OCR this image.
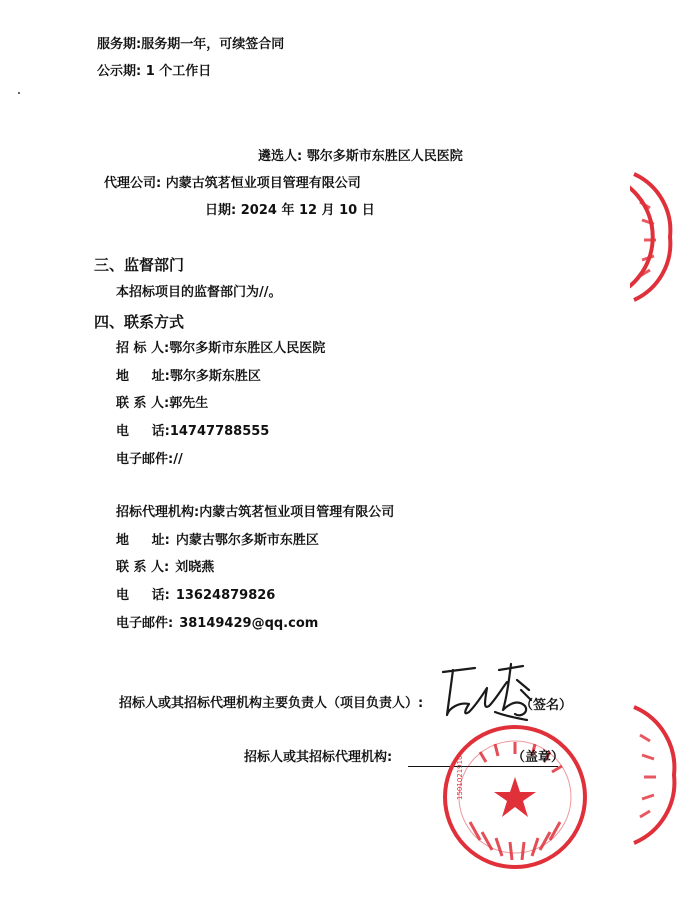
服务期:服务期一年，可续签合同
公示期: 1 个工作日
遴选人: 鄂尔多斯市东胜区人民医院
代理公司: 内蒙古筑茗恒业项目管理有限公司
日期: 2024 年 12 月 10 日
三、监督部门
本招标项目的监督部门为//。
四、联系方式
招 标 人:鄂尔多斯市东胜区人民医院
地     址:鄂尔多斯东胜区
联 系 人:郭先生
电     话:14747788555
电子邮件://
招标代理机构:内蒙古筑茗恒业项目管理有限公司
地     址: 内蒙古鄂尔多斯市东胜区
联 系 人: 刘晓燕
电     话: 13624879826
电子邮件: 38149429@qq.com
招标人或其招标代理机构主要负责人（项目负责人）:	（签名）
招标人或其招标代理机构:	1501021910	（盖章）
